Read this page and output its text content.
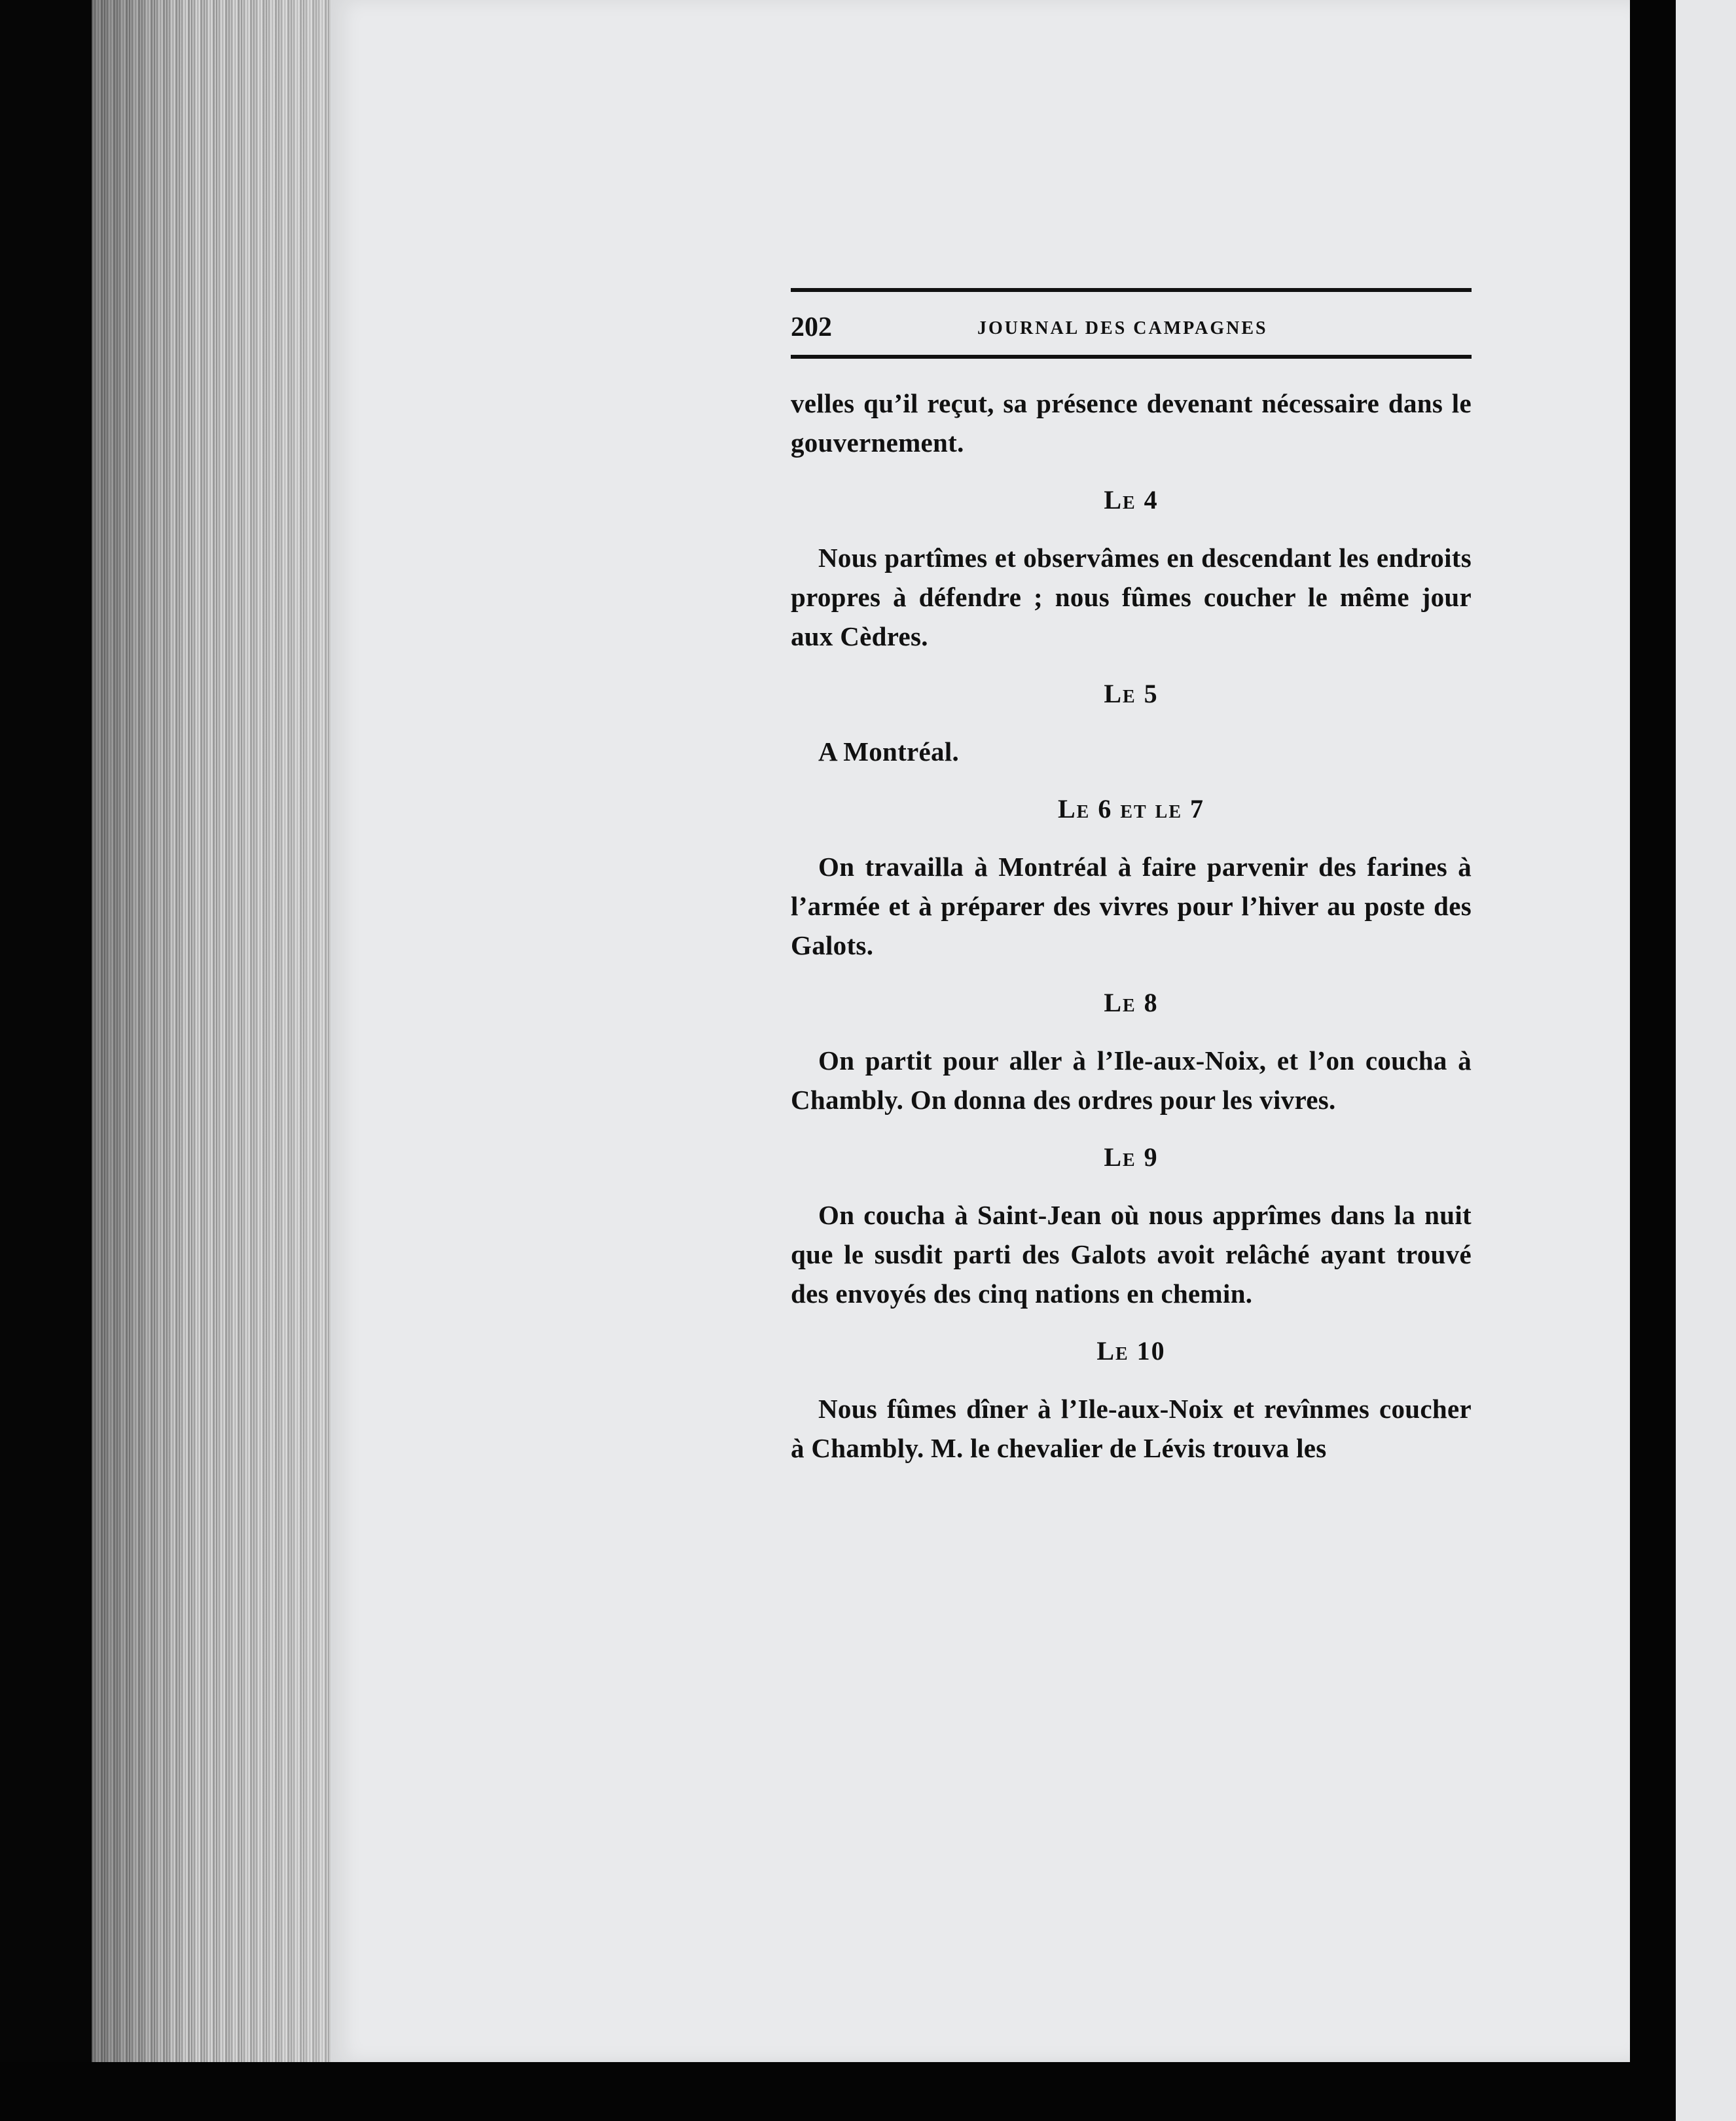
202	JOURNAL DES CAMPAGNES

velles qu’il reçut, sa présence devenant nécessaire dans le gouvernement.

Le 4

Nous partîmes et observâmes en descendant les endroits propres à défendre ; nous fûmes coucher le même jour aux Cèdres.

Le 5

A Montréal.

Le 6 et le 7

On travailla à Montréal à faire parvenir des farines à l’armée et à préparer des vivres pour l’hiver au poste des Galots.

Le 8

On partit pour aller à l’Ile-aux-Noix, et l’on coucha à Chambly. On donna des ordres pour les vivres.

Le 9

On coucha à Saint-Jean où nous apprîmes dans la nuit que le susdit parti des Galots avoit relâché ayant trouvé des envoyés des cinq nations en chemin.

Le 10

Nous fûmes dîner à l’Ile-aux-Noix et revînmes coucher à Chambly. M. le chevalier de Lévis trouva les
